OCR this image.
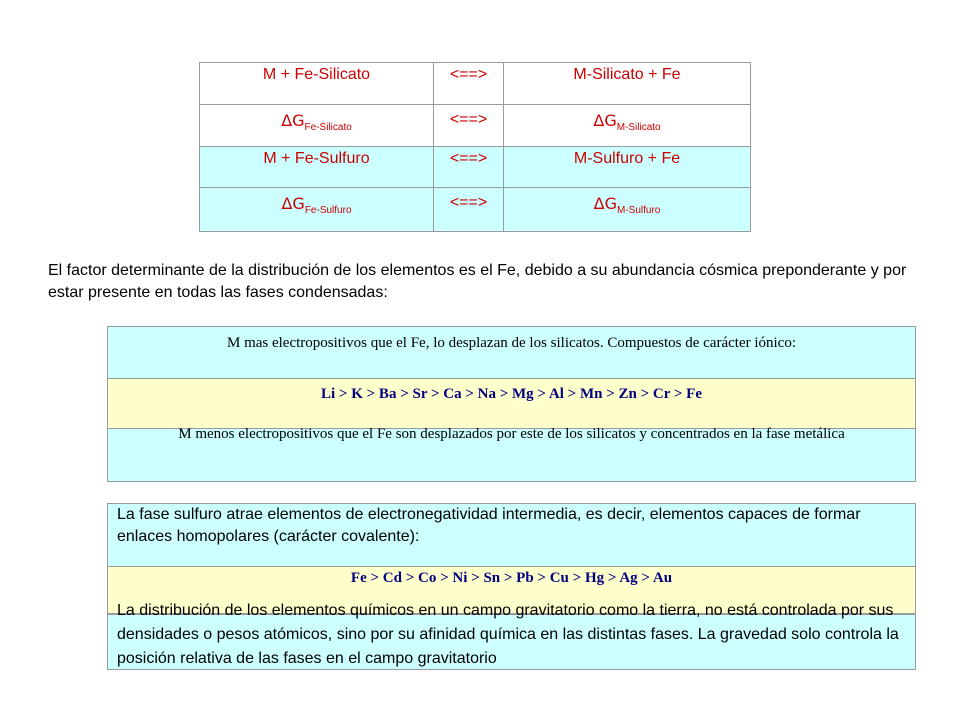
M + Fe-Silicato	<==>	M-Silicato + Fe
$\Delta G_{Fe-Silicato}$	<==>	$\Delta G_{M-Silicato}$
M + Fe-Sulfuro	<==>	M-Sulfuro + Fe
$\Delta G_{Fe-Sulfuro}$	<==>	$\Delta G_{M-Sulfuro}$
El factor determinante de la distribución de los elementos es el Fe, debido a su abundancia cósmica preponderante y por estar presente en todas las fases condensadas:
M mas electropositivos que el Fe, lo desplazan de los silicatos. Compuestos de carácter iónico:
Li > K > Ba > Sr > Ca > Na > Mg > Al > Mn > Zn > Cr > Fe
M menos electropositivos que el Fe son desplazados por este de los silicatos y concentrados en la fase metálica
La fase sulfuro atrae elementos de electronegatividad intermedia, es decir, elementos capaces de formar enlaces homopolares (carácter covalente):
Fe > Cd > Co > Ni > Sn > Pb > Cu > Hg > Ag > Au
La distribución de los elementos químicos en un campo gravitatorio como la tierra, no está controlada por sus densidades o pesos atómicos, sino por su afinidad química en las distintas fases. La gravedad solo controla la posición relativa de las fases en el campo gravitatorio
